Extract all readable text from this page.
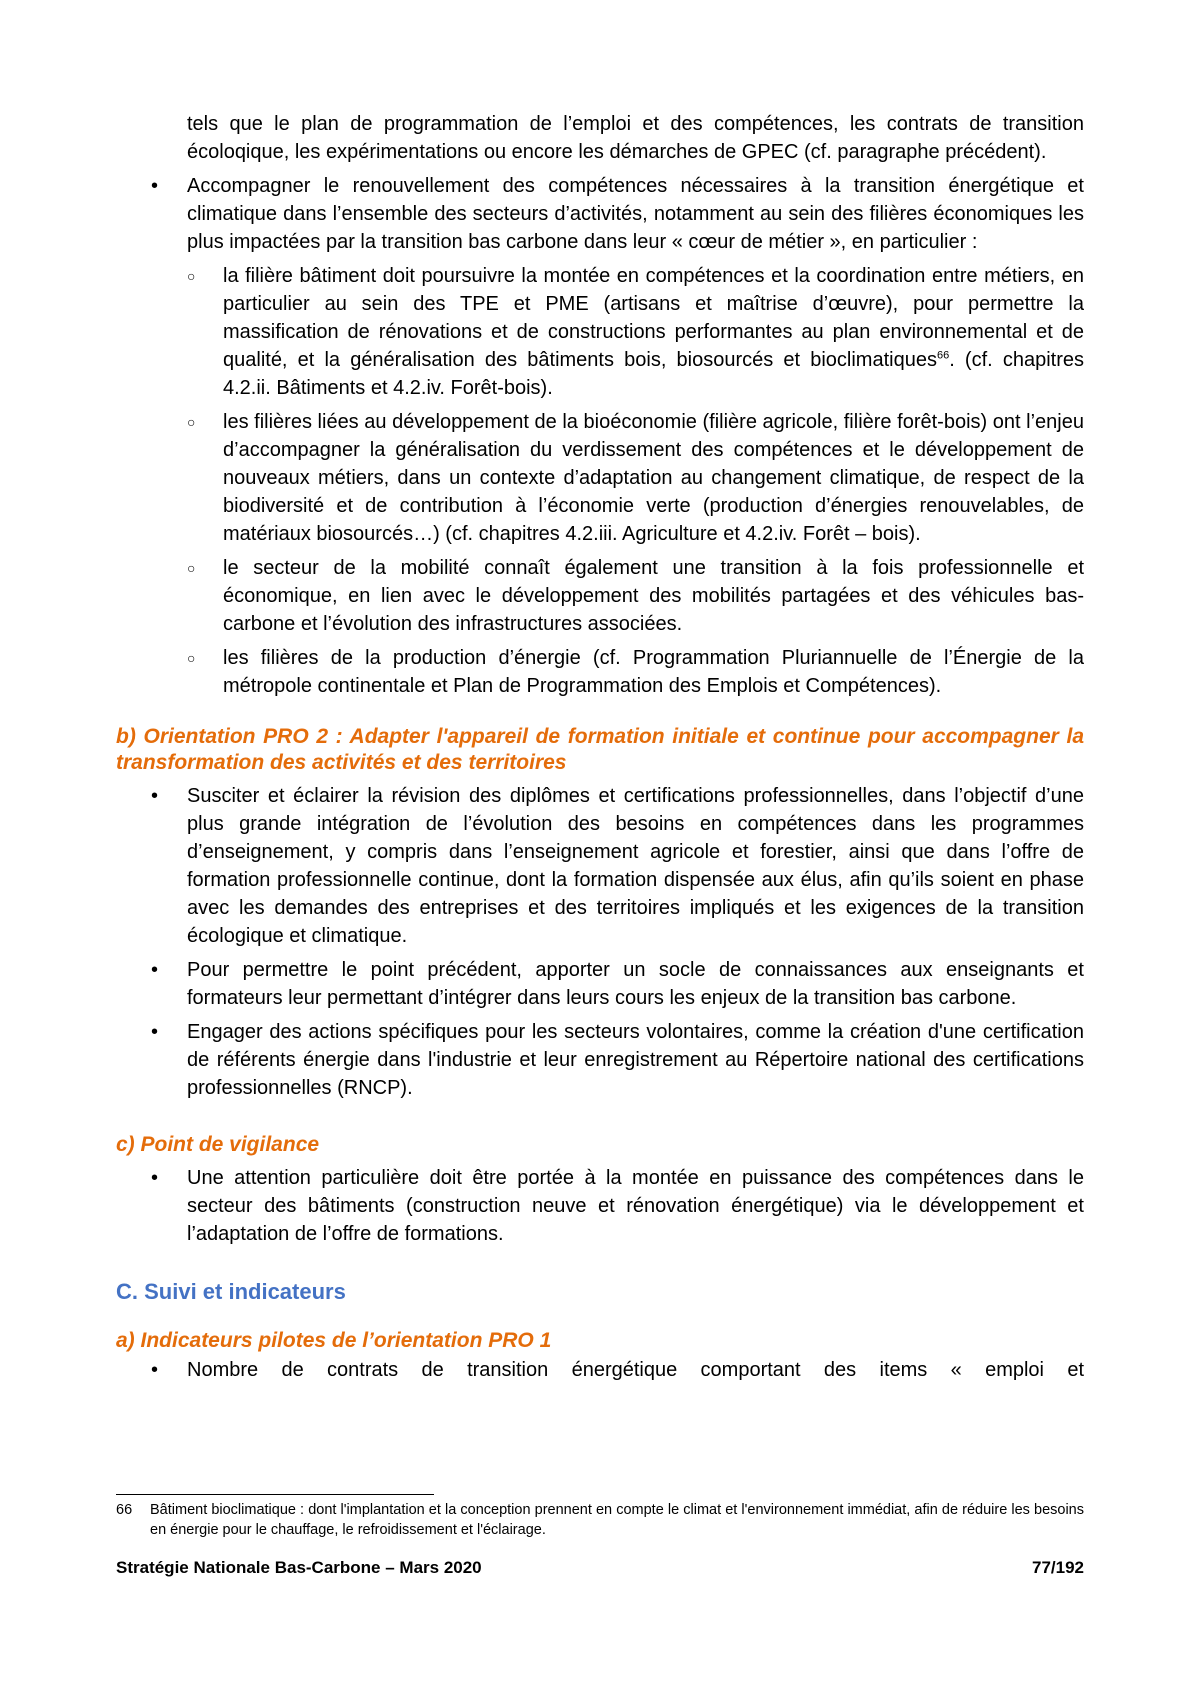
tels que le plan de programmation de l’emploi et des compétences, les contrats de transition écoloqique, les expérimentations ou encore les démarches de GPEC (cf. paragraphe précédent).

• Accompagner le renouvellement des compétences nécessaires à la transition énergétique et climatique dans l’ensemble des secteurs d’activités, notamment au sein des filières économiques les plus impactées par la transition bas carbone dans leur « cœur de métier », en particulier :
○ la filière bâtiment doit poursuivre la montée en compétences et la coordination entre métiers, en particulier au sein des TPE et PME (artisans et maîtrise d’œuvre), pour permettre la massification de rénovations et de constructions performantes au plan environnemental et de qualité, et la généralisation des bâtiments bois, biosourcés et bioclimatiques$^{66}$. (cf. chapitres 4.2.ii. Bâtiments et 4.2.iv. Forêt-bois).
○ les filières liées au développement de la bioéconomie (filière agricole, filière forêt-bois) ont l’enjeu d’accompagner la généralisation du verdissement des compétences et le développement de nouveaux métiers, dans un contexte d’adaptation au changement climatique, de respect de la biodiversité et de contribution à l’économie verte (production d’énergies renouvelables, de matériaux biosourcés…) (cf. chapitres 4.2.iii. Agriculture et 4.2.iv. Forêt – bois).
○ le secteur de la mobilité connaît également une transition à la fois professionnelle et économique, en lien avec le développement des mobilités partagées et des véhicules bas-carbone et l’évolution des infrastructures associées.
○ les filières de la production d’énergie (cf. Programmation Pluriannuelle de l’Énergie de la métropole continentale et Plan de Programmation des Emplois et Compétences).

b) Orientation PRO 2 : Adapter l'appareil de formation initiale et continue pour accompagner la transformation des activités et des territoires

• Susciter et éclairer la révision des diplômes et certifications professionnelles, dans l’objectif d’une plus grande intégration de l’évolution des besoins en compétences dans les programmes d’enseignement, y compris dans l’enseignement agricole et forestier, ainsi que dans l’offre de formation professionnelle continue, dont la formation dispensée aux élus, afin qu’ils soient en phase avec les demandes des entreprises et des territoires impliqués et les exigences de la transition écologique et climatique.
• Pour permettre le point précédent, apporter un socle de connaissances aux enseignants et formateurs leur permettant d’intégrer dans leurs cours les enjeux de la transition bas carbone.
• Engager des actions spécifiques pour les secteurs volontaires, comme la création d'une certification de référents énergie dans l'industrie et leur enregistrement au Répertoire national des certifications professionnelles (RNCP).

c) Point de vigilance

• Une attention particulière doit être portée à la montée en puissance des compétences dans le secteur des bâtiments (construction neuve et rénovation énergétique) via le développement et l’adaptation de l’offre de formations.

C. Suivi et indicateurs

a) Indicateurs pilotes de l’orientation PRO 1

• Nombre de contrats de transition énergétique comportant des items « emploi et
66	Bâtiment bioclimatique : dont l'implantation et la conception prennent en compte le climat et l'environnement immédiat, afin de réduire les besoins en énergie pour le chauffage, le refroidissement et l'éclairage.

Stratégie Nationale Bas-Carbone – Mars 2020	77/192
